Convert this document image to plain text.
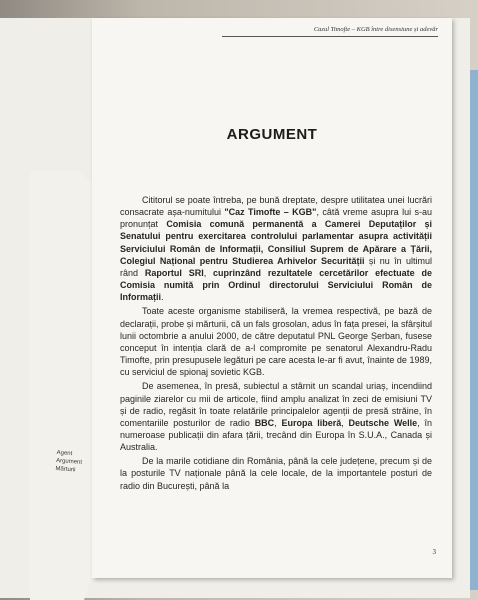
Agent Argument Mărturii
Cazul Timofte – KGB între disensiune și adevăr
ARGUMENT

Cititorul se poate întreba, pe bună dreptate, despre utilitatea unei lucrări consacrate așa-numitului "Caz Timofte – KGB", câtă vreme asupra lui s-au pronunțat Comisia comună permanentă a Camerei Deputaților și Senatului pentru exercitarea controlului parlamentar asupra activității Serviciului Român de Informații, Consiliul Suprem de Apărare a Țării, Colegiul Național pentru Studierea Arhivelor Securității și nu în ultimul rând Raportul SRI, cuprinzând rezultatele cercetărilor efectuate de Comisia numită prin Ordinul directorului Serviciului Român de Informații.

Toate aceste organisme stabiliseră, la vremea respectivă, pe bază de declarații, probe și mărturii, că un fals grosolan, adus în fața presei, la sfârșitul lunii octombrie a anului 2000, de către deputatul PNL George Șerban, fusese conceput în intenția clară de a-l compromite pe senatorul Alexandru-Radu Timofte, prin presupusele legături pe care acesta le-ar fi avut, înainte de 1989, cu serviciul de spionaj sovietic KGB.

De asemenea, în presă, subiectul a stârnit un scandal uriaș, incendiind paginile ziarelor cu mii de articole, fiind amplu analizat în zeci de emisiuni TV și de radio, regăsit în toate relatările principalelor agenții de presă străine, în comentariile posturilor de radio BBC, Europa liberă, Deutsche Welle, în numeroase publicații din afara țării, trecând din Europa în S.U.A., Canada și Australia.

De la marile cotidiane din România, până la cele județene, precum și de la posturile TV naționale până la cele locale, de la importantele posturi de radio din București, până la

3
